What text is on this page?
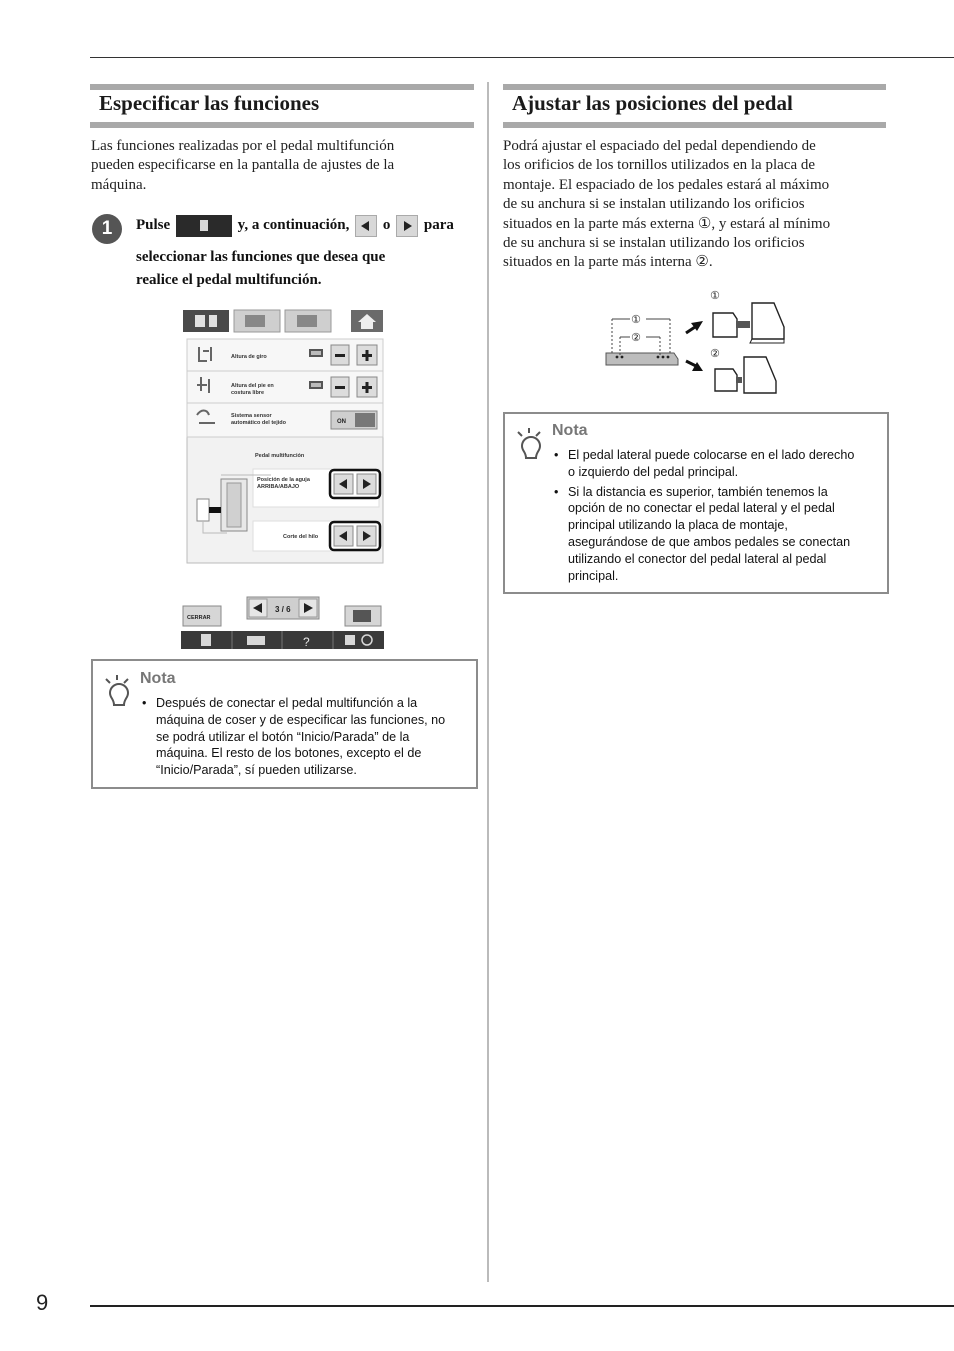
Especificar las funciones
Las funciones realizadas por el pedal multifunción
pueden especificarse en la pantalla de ajustes de la
máquina.
1	Pulse	y, a continuación, o para
seleccionar las funciones que desea que
realice el pedal multifunción.
Altura de giro
Altura del pie en
costura libre
Sistema sensor
automático del tejido	ON
Pedal multifunción
Posición de la aguja
ARRIBA/ABAJO
Corte del hilo
CERRAR
3 / 6
?
Nota
• Después de conectar el pedal multifunción a la
máquina de coser y de especificar las funciones, no
se podrá utilizar el botón “Inicio/Parada” de la
máquina. El resto de los botones, excepto el de
“Inicio/Parada”, sí pueden utilizarse.
Ajustar las posiciones del pedal
Podrá ajustar el espaciado del pedal dependiendo de
los orificios de los tornillos utilizados en la placa de
montaje. El espaciado de los pedales estará al máximo
de su anchura si se instalan utilizando los orificios
situados en la parte más externa ①, y estará al mínimo
de su anchura si se instalan utilizando los orificios
situados en la parte más interna ②.
①
②
①
②
Nota
• El pedal lateral puede colocarse en el lado derecho
o izquierdo del pedal principal.
• Si la distancia es superior, también tenemos la
opción de no conectar el pedal lateral y el pedal
principal utilizando la placa de montaje,
asegurándose de que ambos pedales se conectan
utilizando el conector del pedal lateral al pedal
principal.
9
